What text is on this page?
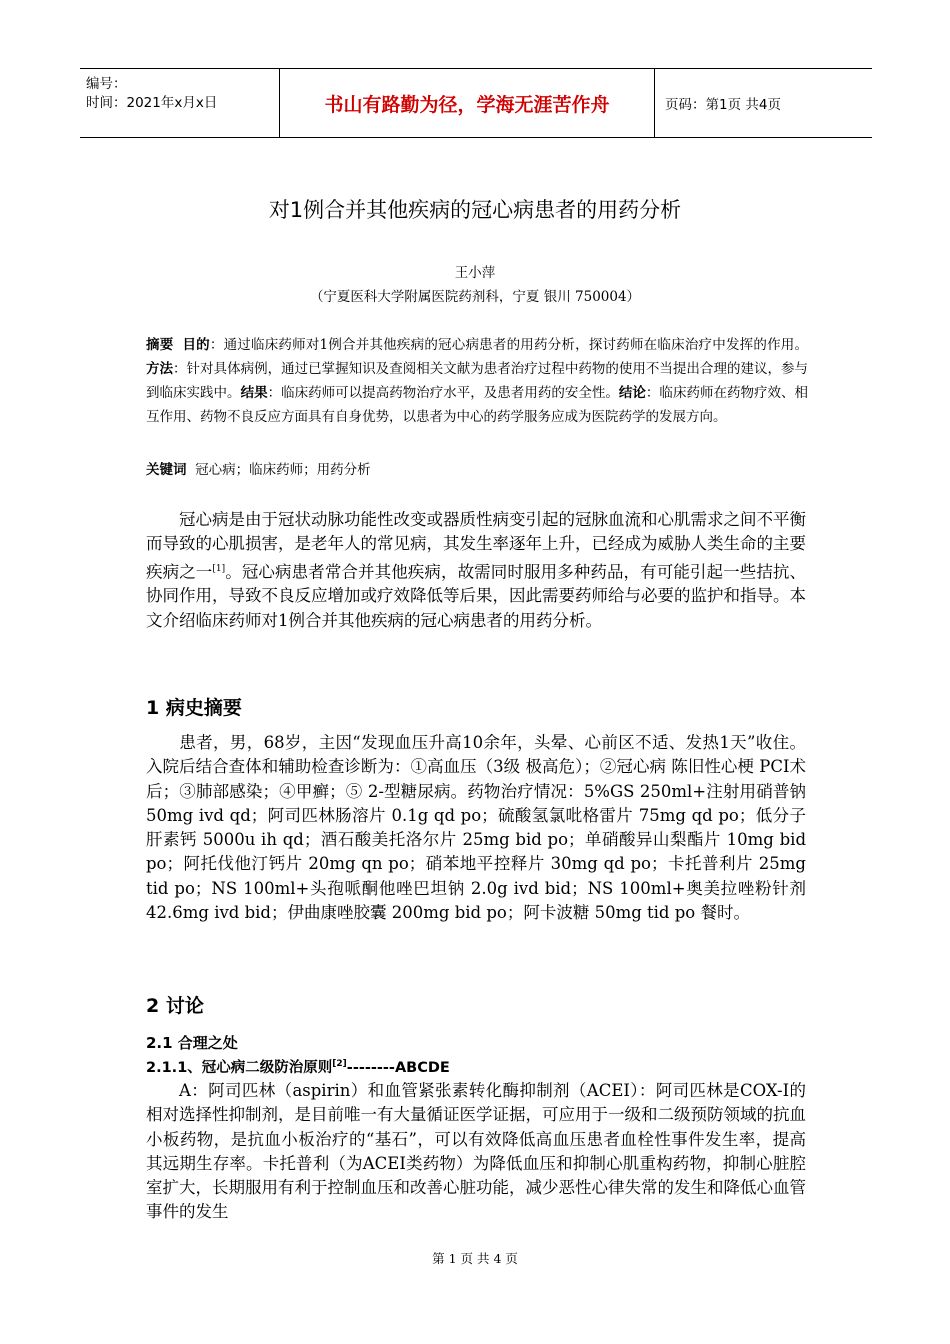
编号：
时间：2021年x月x日	书山有路勤为径，学海无涯苦作舟	页码：第1页 共4页
对1例合并其他疾病的冠心病患者的用药分析
王小萍
（宁夏医科大学附属医院药剂科，宁夏 银川 750004）
摘要 目的：通过临床药师对1例合并其他疾病的冠心病患者的用药分析，探讨药师在临床治疗中发挥的作用。方法：针对具体病例，通过已掌握知识及查阅相关文献为患者治疗过程中药物的使用不当提出合理的建议，参与到临床实践中。结果：临床药师可以提高药物治疗水平，及患者用药的安全性。结论：临床药师在药物疗效、相互作用、药物不良反应方面具有自身优势，以患者为中心的药学服务应成为医院药学的发展方向。
关键词 冠心病；临床药师；用药分析
冠心病是由于冠状动脉功能性改变或器质性病变引起的冠脉血流和心肌需求之间不平衡而导致的心肌损害，是老年人的常见病，其发生率逐年上升，已经成为威胁人类生命的主要疾病之一[1]。冠心病患者常合并其他疾病，故需同时服用多种药品，有可能引起一些拮抗、协同作用，导致不良反应增加或疗效降低等后果，因此需要药师给与必要的监护和指导。本文介绍临床药师对1例合并其他疾病的冠心病患者的用药分析。
1 病史摘要
患者，男，68岁，主因“发现血压升高10余年，头晕、心前区不适、发热1天”收住。入院后结合查体和辅助检查诊断为：①高血压（3级 极高危）；②冠心病 陈旧性心梗 PCI术后；③肺部感染；④甲癣；⑤ 2-型糖尿病。药物治疗情况：5%GS 250ml+注射用硝普钠 50mg ivd qd；阿司匹林肠溶片 0.1g qd po；硫酸氢氯吡格雷片 75mg qd po；低分子肝素钙 5000u ih qd；酒石酸美托洛尔片 25mg bid po；单硝酸异山梨酯片 10mg bid po；阿托伐他汀钙片 20mg qn po；硝苯地平控释片 30mg qd po；卡托普利片 25mg tid po；NS 100ml+头孢哌酮他唑巴坦钠 2.0g ivd bid；NS 100ml+奥美拉唑粉针剂 42.6mg ivd bid；伊曲康唑胶囊 200mg bid po；阿卡波糖 50mg tid po 餐时。
2 讨论
2.1 合理之处
2.1.1、冠心病二级防治原则[2]--------ABCDE
A：阿司匹林（aspirin）和血管紧张素转化酶抑制剂（ACEI）：阿司匹林是COX-I的相对选择性抑制剂，是目前唯一有大量循证医学证据，可应用于一级和二级预防领域的抗血小板药物，是抗血小板治疗的“基石”，可以有效降低高血压患者血栓性事件发生率，提高其远期生存率。卡托普利（为ACEI类药物）为降低血压和抑制心肌重构药物，抑制心脏腔室扩大，长期服用有利于控制血压和改善心脏功能，减少恶性心律失常的发生和降低心血管事件的发生
第 1 页 共 4 页
